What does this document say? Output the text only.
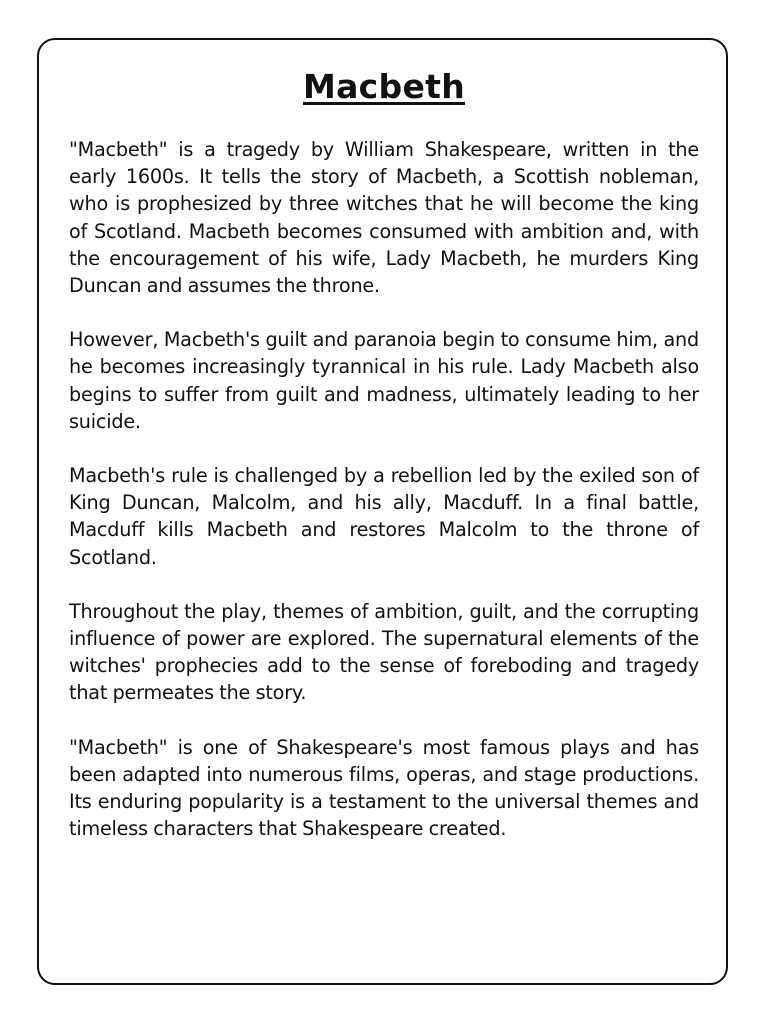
Macbeth

"Macbeth" is a tragedy by William Shakespeare, written in the early 1600s. It tells the story of Macbeth, a Scottish nobleman, who is prophesized by three witches that he will become the king of Scotland. Macbeth becomes consumed with ambition and, with the encouragement of his wife, Lady Macbeth, he murders King Duncan and assumes the throne.

However, Macbeth's guilt and paranoia begin to consume him, and he becomes increasingly tyrannical in his rule. Lady Macbeth also begins to suffer from guilt and madness, ultimately leading to her suicide.

Macbeth's rule is challenged by a rebellion led by the exiled son of King Duncan, Malcolm, and his ally, Macduff. In a final battle, Macduff kills Macbeth and restores Malcolm to the throne of Scotland.

Throughout the play, themes of ambition, guilt, and the corrupting influence of power are explored. The supernatural elements of the witches' prophecies add to the sense of foreboding and tragedy that permeates the story.

"Macbeth" is one of Shakespeare's most famous plays and has been adapted into numerous films, operas, and stage productions. Its enduring popularity is a testament to the universal themes and timeless characters that Shakespeare created.
